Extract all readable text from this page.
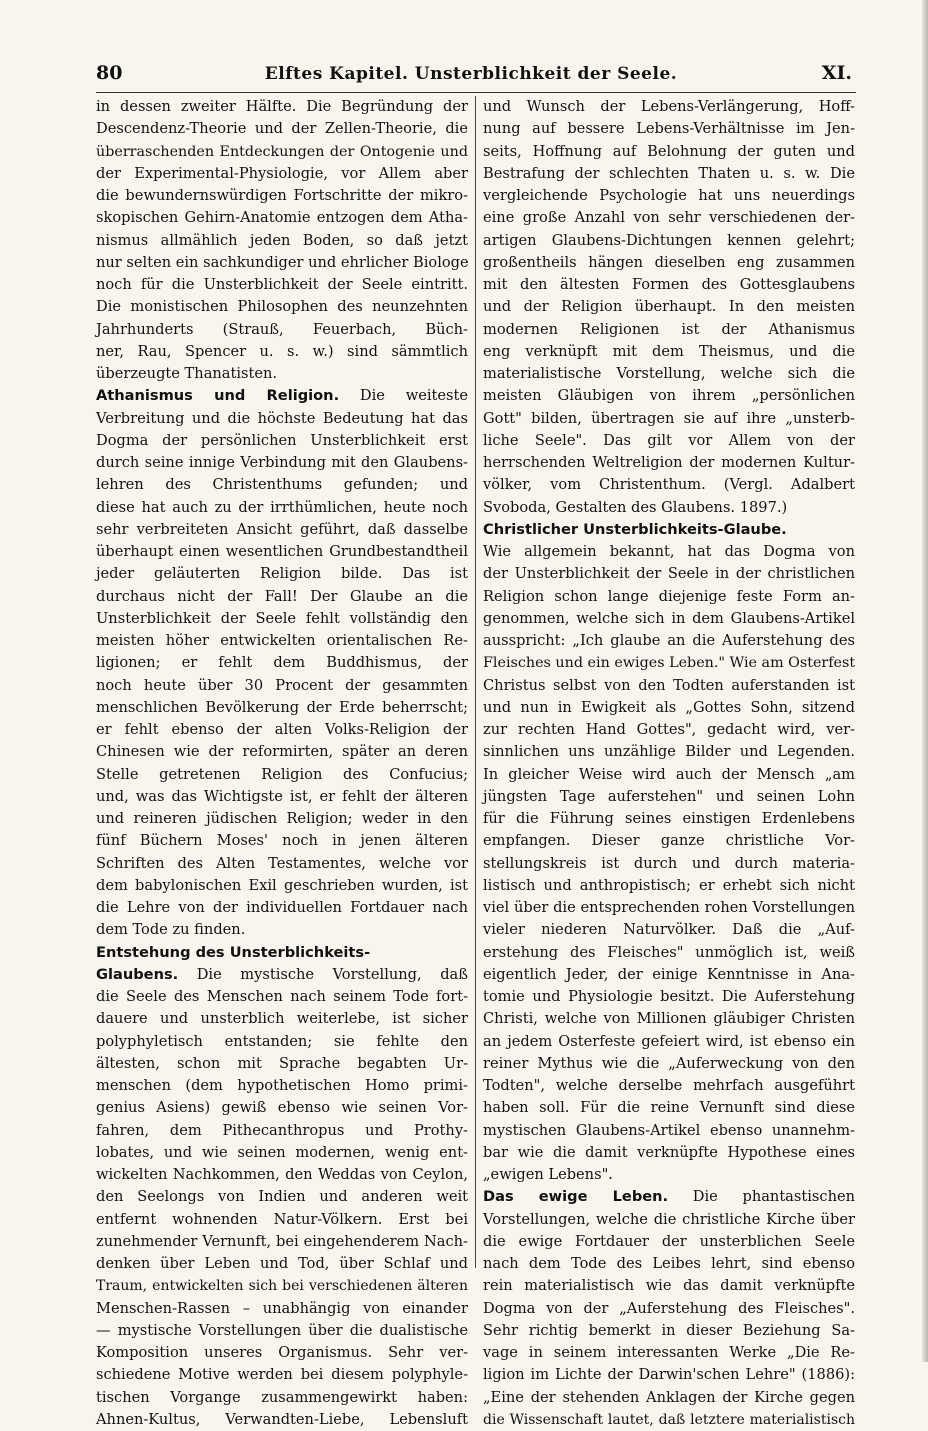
80	Elftes Kapitel. Unsterblichkeit der Seele.	XI.
in dessen zweiter Hälfte. Die Begründung der
Descendenz-Theorie und der Zellen-Theorie, die
überraschenden Entdeckungen der Ontogenie und
der Experimental-Physiologie, vor Allem aber
die bewundernswürdigen Fortschritte der mikro-
skopischen Gehirn-Anatomie entzogen dem Atha-
nismus allmählich jeden Boden, so daß jetzt
nur selten ein sachkundiger und ehrlicher Biologe
noch für die Unsterblichkeit der Seele eintritt.
Die monistischen Philosophen des neunzehnten
Jahrhunderts (Strauß, Feuerbach, Büch-
ner, Rau, Spencer u. s. w.) sind sämmtlich
überzeugte Thanatisten.
Athanismus und Religion. Die weiteste
Verbreitung und die höchste Bedeutung hat das
Dogma der persönlichen Unsterblichkeit erst
durch seine innige Verbindung mit den Glaubens-
lehren des Christenthums gefunden; und
diese hat auch zu der irrthümlichen, heute noch
sehr verbreiteten Ansicht geführt, daß dasselbe
überhaupt einen wesentlichen Grundbestandtheil
jeder geläuterten Religion bilde. Das ist
durchaus nicht der Fall! Der Glaube an die
Unsterblichkeit der Seele fehlt vollständig den
meisten höher entwickelten orientalischen Re-
ligionen; er fehlt dem Buddhismus, der
noch heute über 30 Procent der gesammten
menschlichen Bevölkerung der Erde beherrscht;
er fehlt ebenso der alten Volks-Religion der
Chinesen wie der reformirten, später an deren
Stelle getretenen Religion des Confucius;
und, was das Wichtigste ist, er fehlt der älteren
und reineren jüdischen Religion; weder in den
fünf Büchern Moses' noch in jenen älteren
Schriften des Alten Testamentes, welche vor
dem babylonischen Exil geschrieben wurden, ist
die Lehre von der individuellen Fortdauer nach
dem Tode zu finden.
Entstehung des Unsterblichkeits-
Glaubens. Die mystische Vorstellung, daß
die Seele des Menschen nach seinem Tode fort-
dauere und unsterblich weiterlebe, ist sicher
polyphyletisch entstanden; sie fehlte den
ältesten, schon mit Sprache begabten Ur-
menschen (dem hypothetischen Homo primi-
genius Asiens) gewiß ebenso wie seinen Vor-
fahren, dem Pithecanthropus und Prothy-
lobates, und wie seinen modernen, wenig ent-
wickelten Nachkommen, den Weddas von Ceylon,
den Seelongs von Indien und anderen weit
entfernt wohnenden Natur-Völkern. Erst bei
zunehmender Vernunft, bei eingehenderem Nach-
denken über Leben und Tod, über Schlaf und
Traum, entwickelten sich bei verschiedenen älteren
Menschen-Rassen – unabhängig von einander
— mystische Vorstellungen über die dualistische
Komposition unseres Organismus. Sehr ver-
schiedene Motive werden bei diesem polyphyle-
tischen Vorgange zusammengewirkt haben:
Ahnen-Kultus, Verwandten-Liebe, Lebensluft
und Wunsch der Lebens-Verlängerung, Hoff-
nung auf bessere Lebens-Verhältnisse im Jen-
seits, Hoffnung auf Belohnung der guten und
Bestrafung der schlechten Thaten u. s. w. Die
vergleichende Psychologie hat uns neuerdings
eine große Anzahl von sehr verschiedenen der-
artigen Glaubens-Dichtungen kennen gelehrt;
großentheils hängen dieselben eng zusammen
mit den ältesten Formen des Gottesglaubens
und der Religion überhaupt. In den meisten
modernen Religionen ist der Athanismus
eng verknüpft mit dem Theismus, und die
materialistische Vorstellung, welche sich die
meisten Gläubigen von ihrem „persönlichen
Gott" bilden, übertragen sie auf ihre „unsterb-
liche Seele". Das gilt vor Allem von der
herrschenden Weltreligion der modernen Kultur-
völker, vom Christenthum. (Vergl. Adalbert
Svoboda, Gestalten des Glaubens. 1897.)
Christlicher Unsterblichkeits-Glaube.
Wie allgemein bekannt, hat das Dogma von
der Unsterblichkeit der Seele in der christlichen
Religion schon lange diejenige feste Form an-
genommen, welche sich in dem Glaubens-Artikel
ausspricht: „Ich glaube an die Auferstehung des
Fleisches und ein ewiges Leben." Wie am Osterfest
Christus selbst von den Todten auferstanden ist
und nun in Ewigkeit als „Gottes Sohn, sitzend
zur rechten Hand Gottes", gedacht wird, ver-
sinnlichen uns unzählige Bilder und Legenden.
In gleicher Weise wird auch der Mensch „am
jüngsten Tage auferstehen" und seinen Lohn
für die Führung seines einstigen Erdenlebens
empfangen. Dieser ganze christliche Vor-
stellungskreis ist durch und durch materia-
listisch und anthropistisch; er erhebt sich nicht
viel über die entsprechenden rohen Vorstellungen
vieler niederen Naturvölker. Daß die „Auf-
erstehung des Fleisches" unmöglich ist, weiß
eigentlich Jeder, der einige Kenntnisse in Ana-
tomie und Physiologie besitzt. Die Auferstehung
Christi, welche von Millionen gläubiger Christen
an jedem Osterfeste gefeiert wird, ist ebenso ein
reiner Mythus wie die „Auferweckung von den
Todten", welche derselbe mehrfach ausgeführt
haben soll. Für die reine Vernunft sind diese
mystischen Glaubens-Artikel ebenso unannehm-
bar wie die damit verknüpfte Hypothese eines
„ewigen Lebens".
Das ewige Leben. Die phantastischen
Vorstellungen, welche die christliche Kirche über
die ewige Fortdauer der unsterblichen Seele
nach dem Tode des Leibes lehrt, sind ebenso
rein materialistisch wie das damit verknüpfte
Dogma von der „Auferstehung des Fleisches".
Sehr richtig bemerkt in dieser Beziehung Sa-
vage in seinem interessanten Werke „Die Re-
ligion im Lichte der Darwin'schen Lehre" (1886):
„Eine der stehenden Anklagen der Kirche gegen
die Wissenschaft lautet, daß letztere materialistisch
